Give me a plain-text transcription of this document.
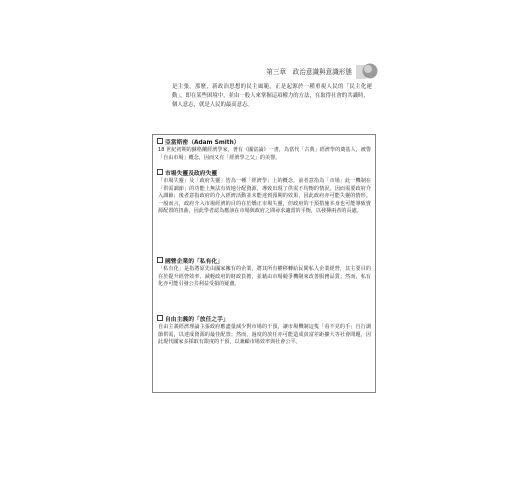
第三章　政治意識與意識形態

是主張，那麼，新政治思想的民主風範，正是起源於一種重視人民的「民主化運動」，即在某些困境中，並由一般人來掌握這項權力的方法，在取得社會的共識時，

個人意志，就是人民的最高意志。

亞當斯密（Adam Smith）

18 世紀初期的蘇格蘭經濟學家，著有《國富論》一書，為當代「古典」經濟學的奠基人，被譽「自由市場」概念，因而又有「經濟學之父」的美譽。

市場失靈及政府失靈

「市場失靈」及「政府失靈」皆為一種「經濟學」上的概念，前者意指為「市場」此一機制在「供需調節」的功能上無法有效地分配資源，導致出現了供需不均衡的情況，因而需要政府介入調節；後者意指政府的介入經濟活動並未能達到預期的效果，因此政府亦可能失靈的情形。一般而言，政府介入市場經濟的目的在於矯正市場失靈，但政府的干預措施本身也可能導致資源配置的扭曲，因此學者認為應該在市場與政府之間尋求適當的平衡，以發揮兩者的長處。

國營企業的「私有化」

「私有化」是指將原先由國家擁有的企業，將其所有權移轉給民間私人企業經營，其主要目的在於提升經營效率、減輕政府的財政負擔，並藉由市場競爭機制來改善服務品質；然而，私有化亦可能引發公共利益受損的疑慮。

自由主義的「放任之手」

自由主義經濟理論主張政府應盡量減少對市場的干預，讓市場機制這隻「看不見的手」自行調節供需，以達成資源的最佳配置；然而，過度的放任亦可能造成貧富差距擴大等社會問題，因此現代國家多採取有限度的干預，以兼顧市場效率與社會公平。
